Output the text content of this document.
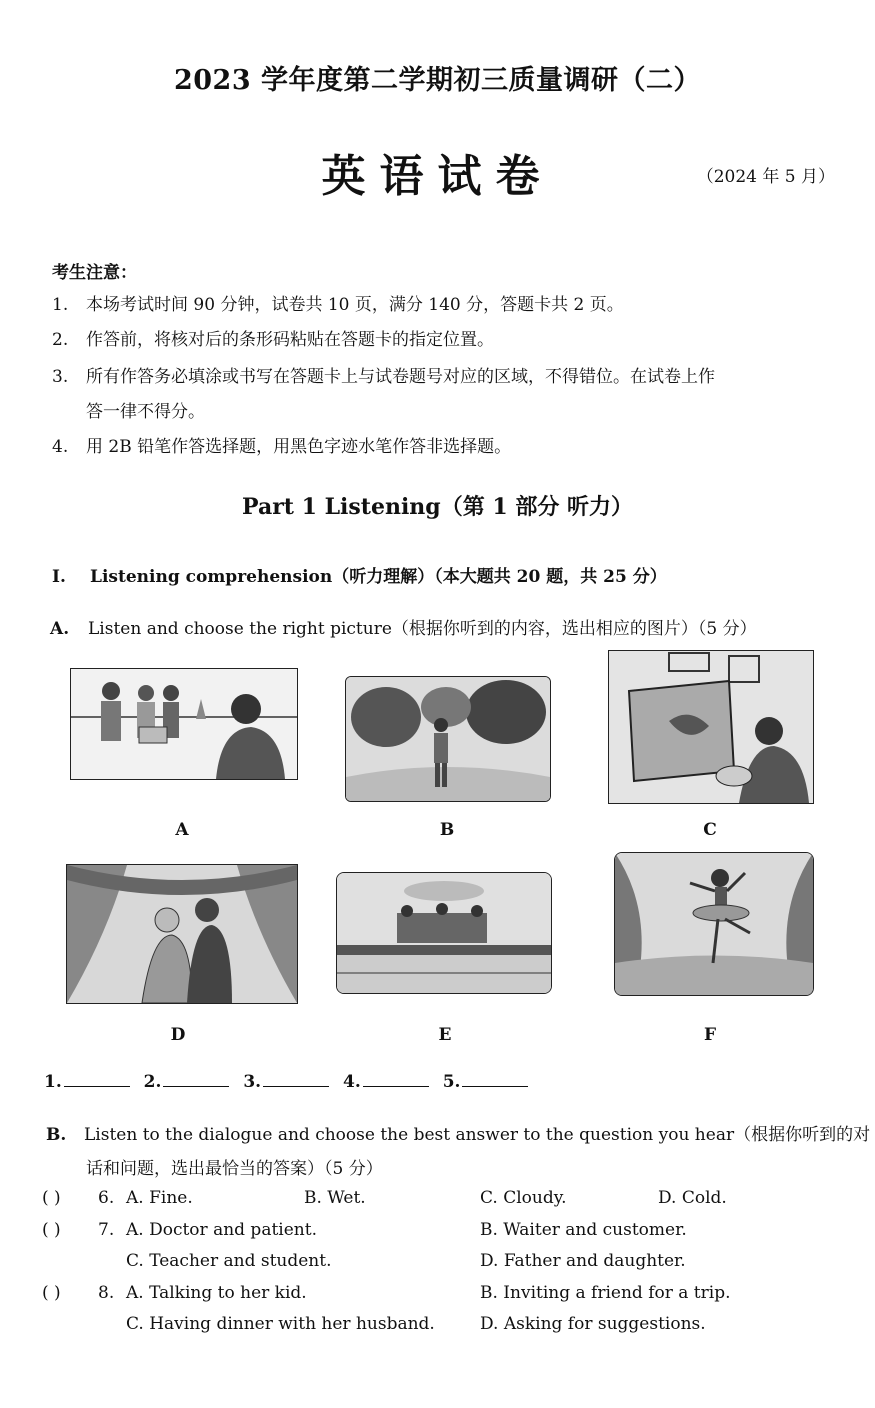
2023 学年度第二学期初三质量调研（二）
英语试卷	（2024 年 5 月）
考生注意：
1. 本场考试时间 90 分钟，试卷共 10 页，满分 140 分，答题卡共 2 页。
2. 作答前，将核对后的条形码粘贴在答题卡的指定位置。
3. 所有作答务必填涂或书写在答题卡上与试卷题号对应的区域，不得错位。在试卷上作
答一律不得分。
4. 用 2B 铅笔作答选择题，用黑色字迹水笔作答非选择题。
Part 1 Listening（第 1 部分 听力）
I. Listening comprehension（听力理解）（本大题共 20 题，共 25 分）
A. Listen and choose the right picture（根据你听到的内容，选出相应的图片）（5 分）
A	B	C
D	E	F
1.	2.	3.	4.	5.
B. Listen to the dialogue and choose the best answer to the question you hear（根据你听到的对
话和问题，选出最恰当的答案）（5 分）
( ) 6. A. Fine.	B. Wet.	C. Cloudy.	D. Cold.
( ) 7. A. Doctor and patient.	B. Waiter and customer.
C. Teacher and student.	D. Father and daughter.
( ) 8. A. Talking to her kid.	B. Inviting a friend for a trip.
C. Having dinner with her husband.	D. Asking for suggestions.
